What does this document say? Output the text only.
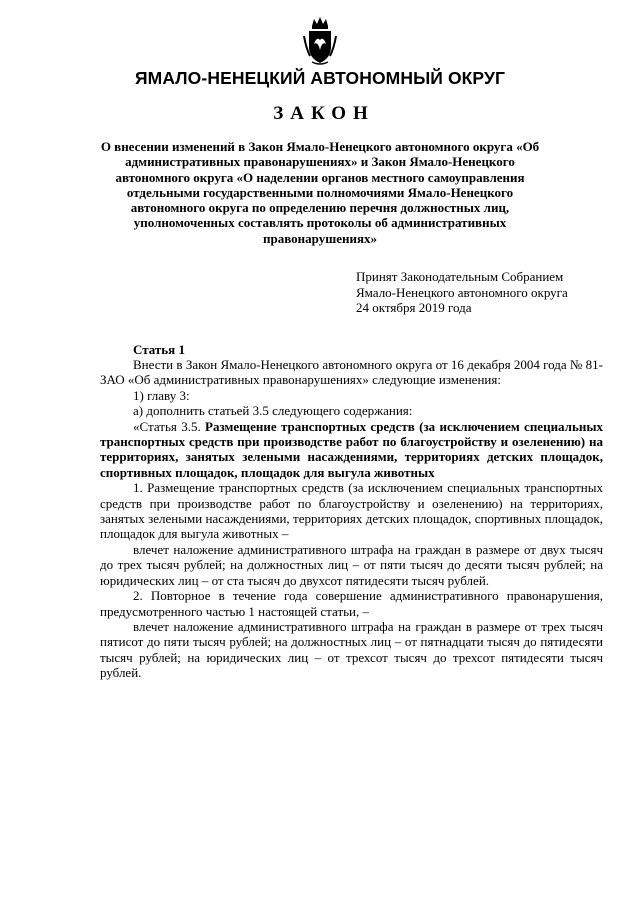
ЯМАЛО-НЕНЕЦКИЙ АВТОНОМНЫЙ ОКРУГ
ЗАКОН
О внесении изменений в Закон Ямало-Ненецкого автономного округа «Об административных правонарушениях» и Закон Ямало-Ненецкого автономного округа «О наделении органов местного самоуправления отдельными государственными полномочиями Ямало-Ненецкого автономного округа по определению перечня должностных лиц, уполномоченных составлять протоколы об административных правонарушениях»
Принят Законодательным Собранием
Ямало-Ненецкого автономного округа
24 октября 2019 года
Статья 1

Внести в Закон Ямало-Ненецкого автономного округа от 16 декабря 2004 года № 81-ЗАО «Об административных правонарушениях» следующие изменения:

1) главу 3:

а) дополнить статьей 3.5 следующего содержания:

«Статья 3.5. Размещение транспортных средств (за исключением специальных транспортных средств при производстве работ по благоустройству и озеленению) на территориях, занятых зелеными насаждениями, территориях детских площадок, спортивных площадок, площадок для выгула животных

1. Размещение транспортных средств (за исключением специальных транспортных средств при производстве работ по благоустройству и озеленению) на территориях, занятых зелеными насаждениями, территориях детских площадок, спортивных площадок, площадок для выгула животных –

влечет наложение административного штрафа на граждан в размере от двух тысяч до трех тысяч рублей; на должностных лиц – от пяти тысяч до десяти тысяч рублей; на юридических лиц – от ста тысяч до двухсот пятидесяти тысяч рублей.

2. Повторное в течение года совершение административного правонарушения, предусмотренного частью 1 настоящей статьи, –

влечет наложение административного штрафа на граждан в размере от трех тысяч пятисот до пяти тысяч рублей; на должностных лиц – от пятнадцати тысяч до пятидесяти тысяч рублей; на юридических лиц – от трехсот тысяч до трехсот пятидесяти тысяч рублей.
